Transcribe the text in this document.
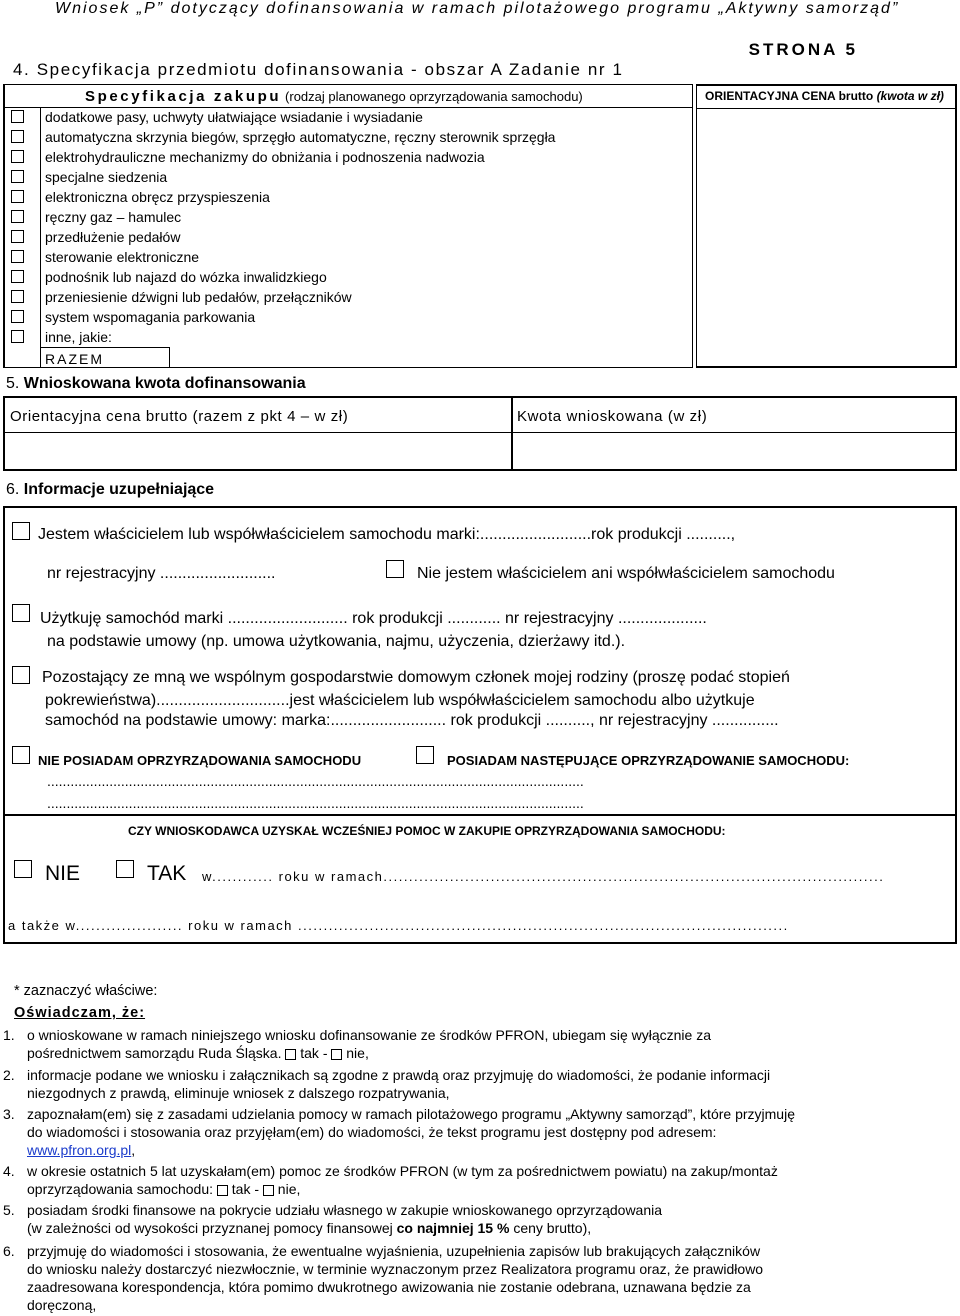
Wniosek „P” dotyczący dofinansowania w ramach pilotażowego programu „Aktywny samorząd”
STRONA 5
4. Specyfikacja przedmiotu dofinansowania - obszar A Zadanie nr 1
Specyfikacja zakupu (rodzaj planowanego oprzyrządowania samochodu)
dodatkowe pasy, uchwyty ułatwiające wsiadanie i wysiadanie
automatyczna skrzynia biegów, sprzęgło automatyczne, ręczny sterownik sprzęgła
elektrohydrauliczne mechanizmy do obniżania i podnoszenia nadwozia
specjalne siedzenia
elektroniczna obręcz przyspieszenia
ręczny gaz – hamulec
przedłużenie pedałów
sterowanie elektroniczne
podnośnik lub najazd do wózka inwalidzkiego
przeniesienie dźwigni lub pedałów, przełączników
system wspomagania parkowania
inne, jakie:
RAZEM
ORIENTACYJNA CENA brutto (kwota w zł)
5. Wnioskowana kwota dofinansowania
Orientacyjna cena brutto (razem z pkt 4 – w zł)	Kwota wnioskowana (w zł)
6. Informacje uzupełniające
Jestem właścicielem lub współwłaścicielem samochodu marki:.........................rok produkcji ..........,
nr rejestracyjny ..........................	Nie jestem właścicielem ani współwłaścicielem samochodu
Użytkuję samochód marki ........................... rok produkcji ............ nr rejestracyjny ....................
na podstawie umowy (np. umowa użytkowania, najmu, użyczenia, dzierżawy itd.).
Pozostający ze mną we wspólnym gospodarstwie domowym członek mojej rodziny (proszę podać stopień
pokrewieństwa)..............................jest właścicielem lub współwłaścicielem samochodu albo użytkuje
samochód na podstawie umowy: marka:.......................... rok produkcji .........., nr rejestracyjny ...............
NIE POSIADAM OPRZYRZĄDOWANIA SAMOCHODU	POSIADAM NASTĘPUJĄCE OPRZYRZĄDOWANIE SAMOCHODU:
..........................................................................................................................................
..........................................................................................................................................
CZY WNIOSKODAWCA UZYSKAŁ WCZEŚNIEJ POMOC W ZAKUPIE OPRZYRZĄDOWANIA SAMOCHODU:
NIE	TAK w............ roku w ramach..................................................................................................
a także w..................... roku w ramach ................................................................................................
* zaznaczyć właściwe:
Oświadczam, że:
1. o wnioskowane w ramach niniejszego wniosku dofinansowanie ze środków PFRON, ubiegam się wyłącznie za
pośrednictwem samorządu Ruda Śląska. tak - nie,
2. informacje podane we wniosku i załącznikach są zgodne z prawdą oraz przyjmuję do wiadomości, że podanie informacji
niezgodnych z prawdą, eliminuje wniosek z dalszego rozpatrywania,
3. zapoznałam(em) się z zasadami udzielania pomocy w ramach pilotażowego programu „Aktywny samorząd”, które przyjmuję
do wiadomości i stosowania oraz przyjęłam(em) do wiadomości, że tekst programu jest dostępny pod adresem:
www.pfron.org.pl,
4. w okresie ostatnich 5 lat uzyskałam(em) pomoc ze środków PFRON (w tym za pośrednictwem powiatu) na zakup/montaż
oprzyrządowania samochodu: tak - nie,
5. posiadam środki finansowe na pokrycie udziału własnego w zakupie wnioskowanego oprzyrządowania
(w zależności od wysokości przyznanej pomocy finansowej co najmniej 15 % ceny brutto),
6. przyjmuję do wiadomości i stosowania, że ewentualne wyjaśnienia, uzupełnienia zapisów lub brakujących załączników
do wniosku należy dostarczyć niezwłocznie, w terminie wyznaczonym przez Realizatora programu oraz, że prawidłowo
zaadresowana korespondencja, która pomimo dwukrotnego awizowania nie zostanie odebrana, uznawana będzie za
doręczoną,
